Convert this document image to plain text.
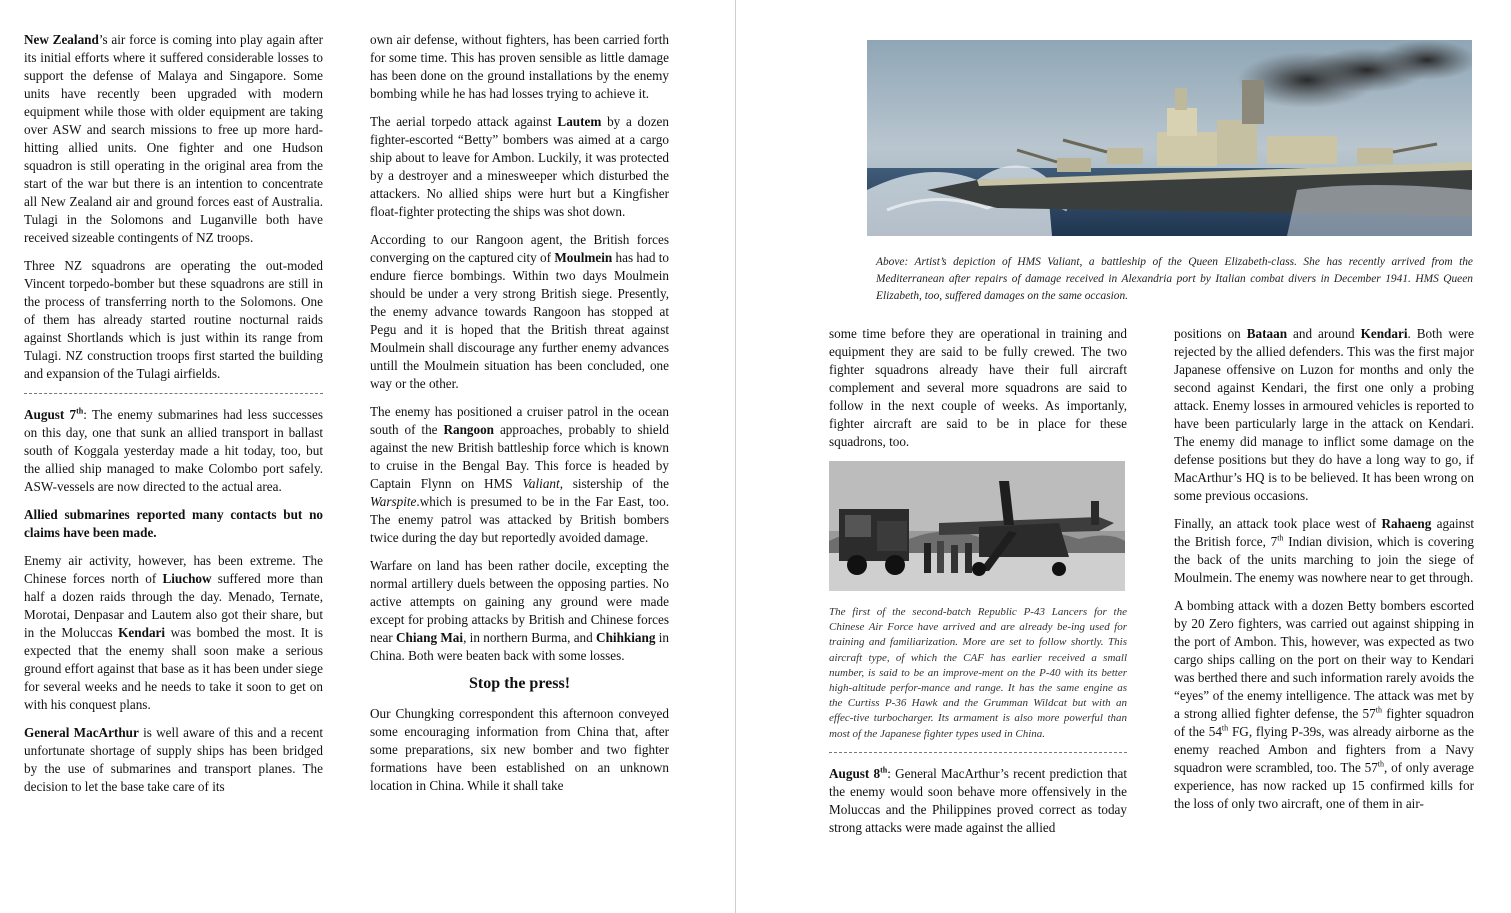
New Zealand’s air force is coming into play again after its initial efforts where it suffered considerable losses to support the defense of Malaya and Singapore. Some units have recently been upgraded with modern equipment while those with older equipment are taking over ASW and search missions to free up more hard-hitting allied units. One fighter and one Hudson squadron is still operating in the original area from the start of the war but there is an intention to concentrate all New Zealand air and ground forces east of Australia. Tulagi in the Solomons and Luganville both have received sizeable contingents of NZ troops.

Three NZ squadrons are operating the out-moded Vincent torpedo-bomber but these squadrons are still in the process of transferring north to the Solomons. One of them has already started routine nocturnal raids against Shortlands which is just within its range from Tulagi. NZ construction troops first started the building and expansion of the Tulagi airfields.

August 7th: The enemy submarines had less successes on this day, one that sunk an allied transport in ballast south of Koggala yesterday made a hit today, too, but the allied ship managed to make Colombo port safely. ASW-vessels are now directed to the actual area.

Allied submarines reported many contacts but no claims have been made.

Enemy air activity, however, has been extreme. The Chinese forces north of Liuchow suffered more than half a dozen raids through the day. Menado, Ternate, Morotai, Denpasar and Lautem also got their share, but in the Moluccas Kendari was bombed the most. It is expected that the enemy shall soon make a serious ground effort against that base as it has been under siege for several weeks and he needs to take it soon to get on with his conquest plans.

General MacArthur is well aware of this and a recent unfortunate shortage of supply ships has been bridged by the use of submarines and transport planes. The decision to let the base take care of its

own air defense, without fighters, has been carried forth for some time. This has proven sensible as little damage has been done on the ground installations by the enemy bombing while he has had losses trying to achieve it.

The aerial torpedo attack against Lautem by a dozen fighter-escorted “Betty” bombers was aimed at a cargo ship about to leave for Ambon. Luckily, it was protected by a destroyer and a minesweeper which disturbed the attackers. No allied ships were hurt but a Kingfisher float-fighter protecting the ships was shot down.

According to our Rangoon agent, the British forces converging on the captured city of Moulmein has had to endure fierce bombings. Within two days Moulmein should be under a very strong British siege. Presently, the enemy advance towards Rangoon has stopped at Pegu and it is hoped that the British threat against Moulmein shall discourage any further enemy advances untill the Moulmein situation has been concluded, one way or the other.

The enemy has positioned a cruiser patrol in the ocean south of the Rangoon approaches, probably to shield against the new British battleship force which is known to cruise in the Bengal Bay. This force is headed by Captain Flynn on HMS Valiant, sistership of the Warspite.which is presumed to be in the Far East, too. The enemy patrol was attacked by British bombers twice during the day but reportedly avoided damage.

Warfare on land has been rather docile, excepting the normal artillery duels between the opposing parties. No active attempts on gaining any ground were made except for probing attacks by British and Chinese forces near Chiang Mai, in northern Burma, and Chihkiang in China. Both were beaten back with some losses.

Stop the press!

Our Chungking correspondent this afternoon conveyed some encouraging information from China that, after some preparations, six new bomber and two fighter formations have been established on an unknown location in China. While it shall take

Above: Artist’s depiction of HMS Valiant, a battleship of the Queen Elizabeth-class. She has recently arrived from the Mediterranean after repairs of damage received in Alexandria port by Italian combat divers in December 1941. HMS Queen Elizabeth, too, suffered damages on the same occasion.

some time before they are operational in training and equipment they are said to be fully crewed. The two fighter squadrons already have their full aircraft complement and several more squadrons are said to follow in the next couple of weeks. As importanly, fighter aircraft are said to be in place for these squadrons, too.

The first of the second-batch Republic P-43 Lancers for the Chinese Air Force have arrived and are already be-ing used for training and familiarization. More are set to follow shortly. This aircraft type, of which the CAF has earlier received a small number, is said to be an improve-ment on the P-40 with its better high-altitude perfor-mance and range. It has the same engine as the Curtiss P-36 Hawk and the Grumman Wildcat but with an effec-tive turbocharger. Its armament is also more powerful than most of the Japanese fighter types used in China.

August 8th: General MacArthur’s recent prediction that the enemy would soon behave more offensively in the Moluccas and the Philippines proved correct as today strong attacks were made against the allied

positions on Bataan and around Kendari. Both were rejected by the allied defenders. This was the first major Japanese offensive on Luzon for months and only the second against Kendari, the first one only a probing attack. Enemy losses in armoured vehicles is reported to have been particularly large in the attack on Kendari. The enemy did manage to inflict some damage on the defense positions but they do have a long way to go, if MacArthur’s HQ is to be believed. It has been wrong on some previous occasions.

Finally, an attack took place west of Rahaeng against the British force, 7th Indian division, which is covering the back of the units marching to join the siege of Moulmein. The enemy was nowhere near to get through.

A bombing attack with a dozen Betty bombers escorted by 20 Zero fighters, was carried out against shipping in the port of Ambon. This, however, was expected as two cargo ships calling on the port on their way to Kendari was berthed there and such information rarely avoids the “eyes” of the enemy intelligence. The attack was met by a strong allied fighter defense, the 57th fighter squadron of the 54th FG, flying P-39s, was already airborne as the enemy reached Ambon and fighters from a Navy squadron were scrambled, too. The 57th, of only average experience, has now racked up 15 confirmed kills for the loss of only two aircraft, one of them in air-
